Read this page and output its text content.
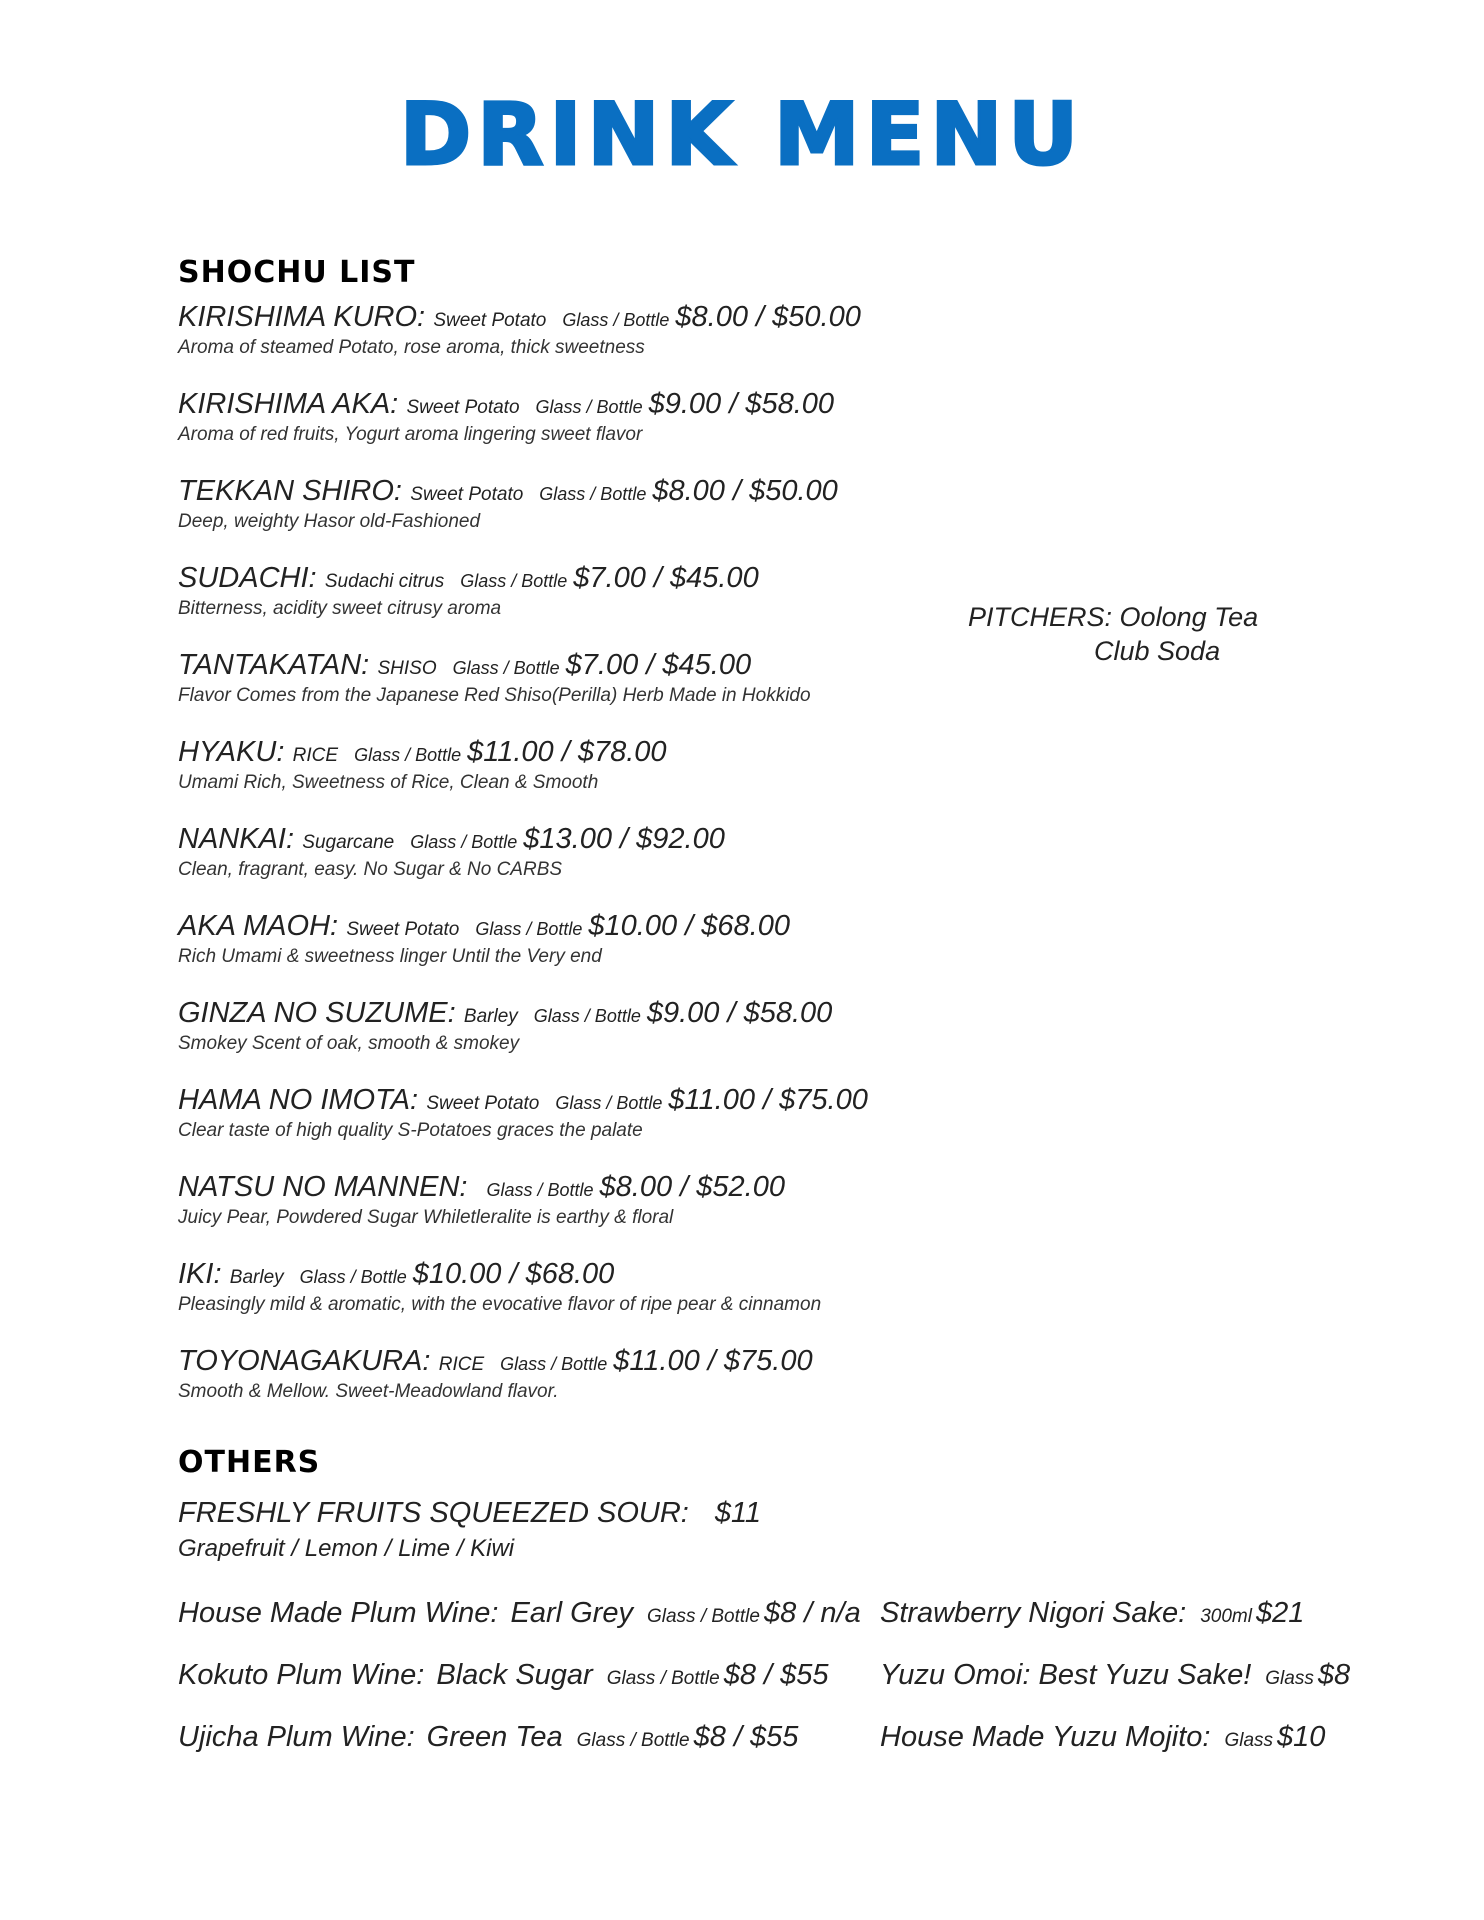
DRINK MENU
SHOCHU LIST
KIRISHIMA KURO: Sweet Potato Glass / Bottle $8.00 / $50.00
Aroma of steamed Potato, rose aroma, thick sweetness
KIRISHIMA AKA: Sweet Potato Glass / Bottle $9.00 / $58.00
Aroma of red fruits, Yogurt aroma lingering sweet flavor
TEKKAN SHIRO: Sweet Potato Glass / Bottle $8.00 / $50.00
Deep, weighty Hasor old-Fashioned
SUDACHI: Sudachi citrus Glass / Bottle $7.00 / $45.00
Bitterness, acidity sweet citrusy aroma
TANTAKATAN: SHISO Glass / Bottle $7.00 / $45.00
Flavor Comes from the Japanese Red Shiso(Perilla) Herb Made in Hokkido
HYAKU: RICE Glass / Bottle $11.00 / $78.00
Umami Rich, Sweetness of Rice, Clean & Smooth
NANKAI: Sugarcane Glass / Bottle $13.00 / $92.00
Clean, fragrant, easy. No Sugar & No CARBS
AKA MAOH: Sweet Potato Glass / Bottle $10.00 / $68.00
Rich Umami & sweetness linger Until the Very end
GINZA NO SUZUME: Barley Glass / Bottle $9.00 / $58.00
Smokey Scent of oak, smooth & smokey
HAMA NO IMOTA: Sweet Potato Glass / Bottle $11.00 / $75.00
Clear taste of high quality S-Potatoes graces the palate
NATSU NO MANNEN: Glass / Bottle $8.00 / $52.00
Juicy Pear, Powdered Sugar Whiletleralite is earthy & floral
IKI: Barley Glass / Bottle $10.00 / $68.00
Pleasingly mild & aromatic, with the evocative flavor of ripe pear & cinnamon
TOYONAGAKURA: RICE Glass / Bottle $11.00 / $75.00
Smooth & Mellow. Sweet-Meadowland flavor.
PITCHERS: Oolong Tea
Club Soda
OTHERS
FRESHLY FRUITS SQUEEZED SOUR: $11
Grapefruit / Lemon / Lime / Kiwi
House Made Plum Wine: Earl Grey Glass / Bottle $8 / n/a
Kokuto Plum Wine: Black Sugar Glass / Bottle $8 / $55
Ujicha Plum Wine: Green Tea Glass / Bottle $8 / $55
Strawberry Nigori Sake: 300ml $21
Yuzu Omoi: Best Yuzu Sake! Glass $8
House Made Yuzu Mojito: Glass $10
